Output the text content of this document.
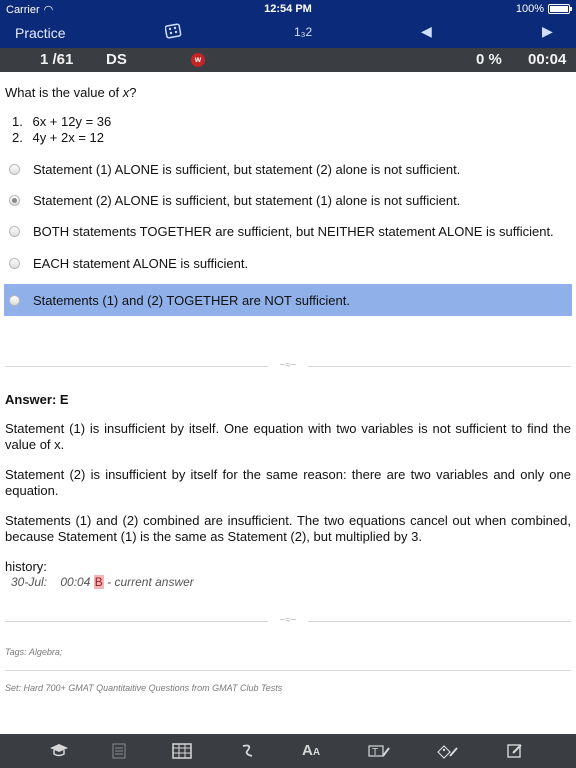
Carrier ◠	12:54 PM	100%
Practice	1₃2	◀	▶
1 /61 DS	w	0 % 00:04
What is the value of x?
1. 6x + 12y = 36
2. 4y + 2x = 12
Statement (1) ALONE is sufficient, but statement (2) alone is not sufficient.
Statement (2) ALONE is sufficient, but statement (1) alone is not sufficient.
BOTH statements TOGETHER are sufficient, but NEITHER statement ALONE is sufficient.
EACH statement ALONE is sufficient.
Statements (1) and (2) TOGETHER are NOT sufficient.
~≈~
Answer: E
Statement (1) is insufficient by itself. One equation with two variables is not sufficient to find the value of x.
Statement (2) is insufficient by itself for the same reason: there are two variables and only one equation.
Statements (1) and (2) combined are insufficient. The two equations cancel out when combined, because Statement (1) is the same as Statement (2), but multiplied by 3.
history:
30-Jul: 00:04 B - current answer
~≈~
Tags: Algebra;
Set: Hard 700+ GMAT Quantitaitive Questions from GMAT Club Tests
AA	T
